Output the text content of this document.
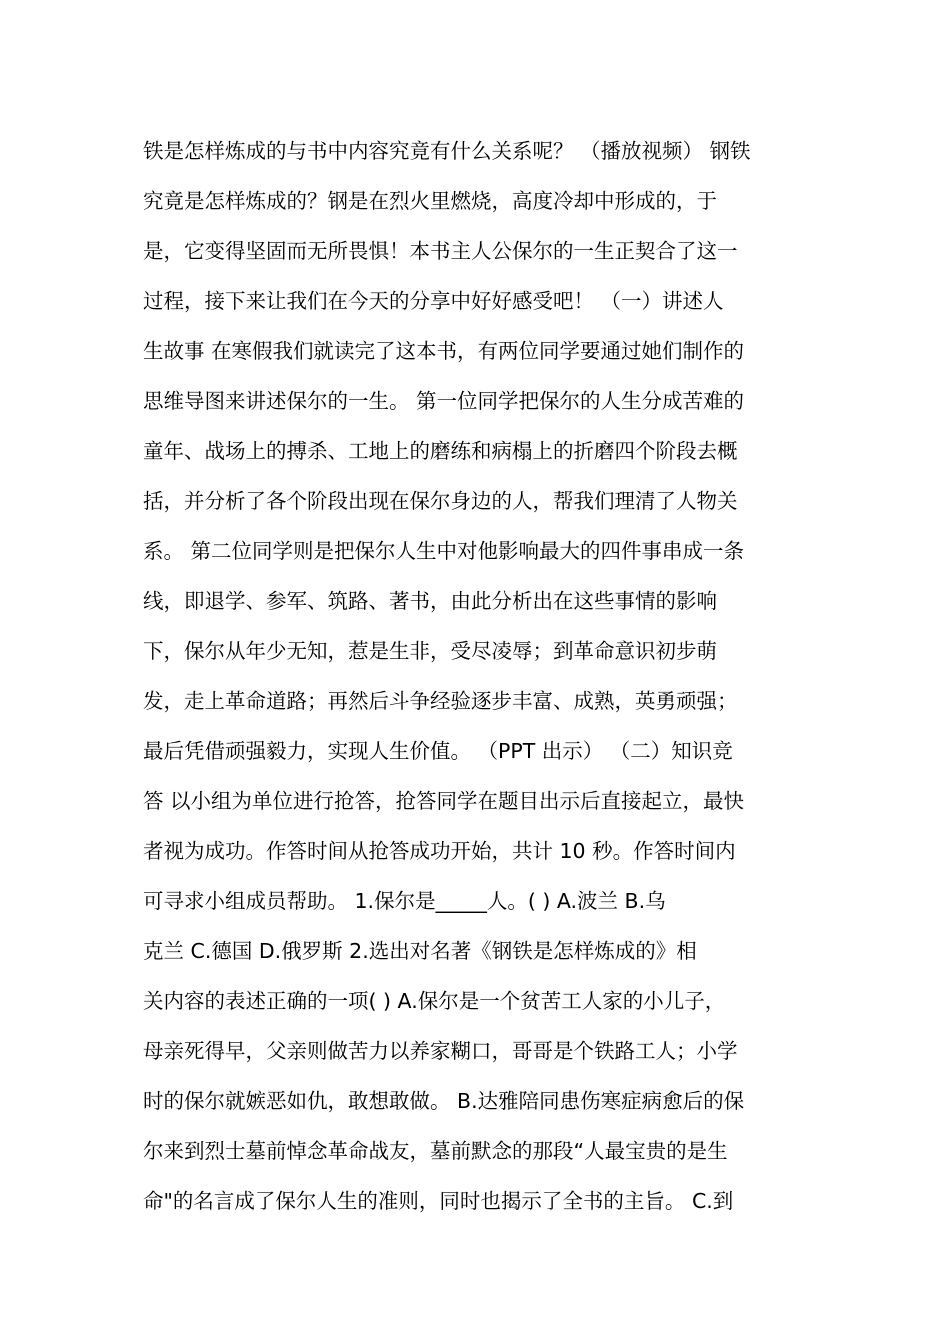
铁是怎样炼成的与书中内容究竟有什么关系呢？ （播放视频） 钢铁
究竟是怎样炼成的？钢是在烈火里燃烧，高度冷却中形成的，于
是，它变得坚固而无所畏惧！本书主人公保尔的一生正契合了这一
过程，接下来让我们在今天的分享中好好感受吧！ （一）讲述人
生故事 在寒假我们就读完了这本书，有两位同学要通过她们制作的
思维导图来讲述保尔的一生。 第一位同学把保尔的人生分成苦难的
童年、战场上的搏杀、工地上的磨练和病榻上的折磨四个阶段去概
括，并分析了各个阶段出现在保尔身边的人，帮我们理清了人物关
系。 第二位同学则是把保尔人生中对他影响最大的四件事串成一条
线，即退学、参军、筑路、著书，由此分析出在这些事情的影响
下，保尔从年少无知，惹是生非，受尽凌辱；到革命意识初步萌
发，走上革命道路；再然后斗争经验逐步丰富、成熟，英勇顽强；
最后凭借顽强毅力，实现人生价值。 （PPT 出示） （二）知识竞
答 以小组为单位进行抢答，抢答同学在题目出示后直接起立，最快
者视为成功。作答时间从抢答成功开始，共计 10 秒。作答时间内
可寻求小组成员帮助。 1.保尔是_____人。( ) A.波兰 B.乌
克兰 C.德国 D.俄罗斯 2.选出对名著《钢铁是怎样炼成的》相
关内容的表述正确的一项( ) A.保尔是一个贫苦工人家的小儿子，
母亲死得早，父亲则做苦力以养家糊口，哥哥是个铁路工人；小学
时的保尔就嫉恶如仇，敢想敢做。 B.达雅陪同患伤寒症病愈后的保
尔来到烈士墓前悼念革命战友，墓前默念的那段“人最宝贵的是生
命"的名言成了保尔人生的准则，同时也揭示了全书的主旨。 C.到
